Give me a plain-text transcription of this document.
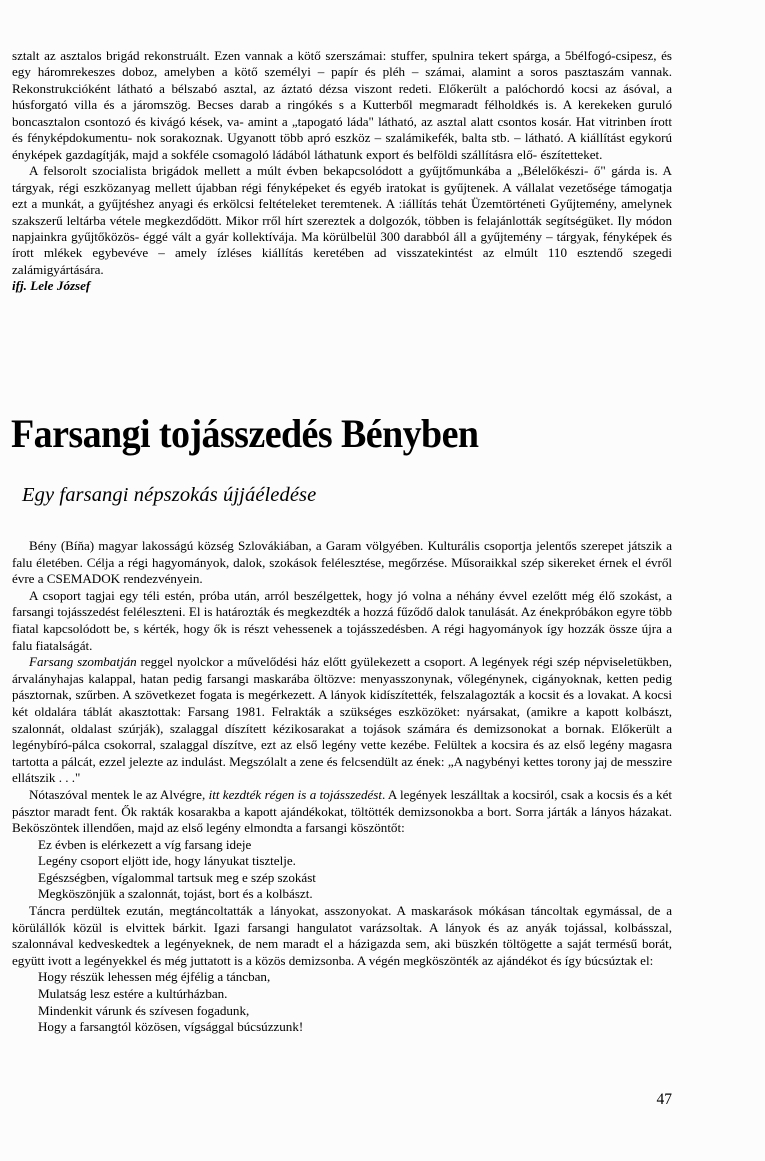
sztalt az asztalos brigád rekonstruált. Ezen vannak a kötő szerszámai: stuffer, spulnira tekert spárga, a 5bélfogó-csipesz, és egy háromrekeszes doboz, amelyben a kötő személyi – papír és pléh – számai, alamint a soros pasztaszám vannak. Rekonstrukcióként látható a bélszabó asztal, az áztató dézsa viszont redeti. Előkerült a palóchordó kocsi az ásóval, a húsforgató villa és a járomszög. Becses darab a ringókés s a Kutterből megmaradt félholdkés is. A kerekeken guruló boncasztalon csontozó és kivágó kések, va- amint a „tapogató láda" látható, az asztal alatt csontos kosár. Hat vitrinben írott és fényképdokumentu- nok sorakoznak. Ugyanott több apró eszköz – szalámikefék, balta stb. – látható. A kiállítást egykorú ényképek gazdagítják, majd a sokféle csomagoló ládából láthatunk export és belföldi szállításra elő- észítetteket.

A felsorolt szocialista brigádok mellett a múlt évben bekapcsolódott a gyűjtőmunkába a „Bélelőkészi- ő" gárda is. A tárgyak, régi eszközanyag mellett újabban régi fényképeket és egyéb iratokat is gyűjtenek. A vállalat vezetősége támogatja ezt a munkát, a gyűjtéshez anyagi és erkölcsi feltételeket teremtenek. A :iállítás tehát Üzemtörténeti Gyűjtemény, amelynek szakszerű leltárba vétele megkezdődött. Mikor rről hírt szereztek a dolgozók, többen is felajánlották segítségüket. Ily módon napjainkra gyűjtőközös- éggé vált a gyár kollektívája. Ma körülbelül 300 darabból áll a gyűjtemény – tárgyak, fényképek és írott mlékek egybevéve – amely ízléses kiállítás keretében ad visszatekintést az elmúlt 110 esztendő szegedi zalámigyártására.

ifj. Lele József

Farsangi tojásszedés Bényben
Egy farsangi népszokás újjáéledése

Bény (Bíňa) magyar lakosságú község Szlovákiában, a Garam völgyében. Kulturális csoportja jelentős szerepet játszik a falu életében. Célja a régi hagyományok, dalok, szokások felélesztése, megőrzése. Műsoraikkal szép sikereket érnek el évről évre a CSEMADOK rendezvényein.

A csoport tagjai egy téli estén, próba után, arról beszélgettek, hogy jó volna a néhány évvel ezelőtt még élő szokást, a farsangi tojásszedést feléleszteni. El is határozták és megkezdték a hozzá fűződő dalok tanulását. Az énekpróbákon egyre több fiatal kapcsolódott be, s kérték, hogy ők is részt vehessenek a tojásszedésben. A régi hagyományok így hozzák össze újra a falu fiatalságát.

Farsang szombatján reggel nyolckor a művelődési ház előtt gyülekezett a csoport. A legények régi szép népviseletükben, árvalányhajas kalappal, hatan pedig farsangi maskarába öltözve: menyasszonynak, vőlegénynek, cigányoknak, ketten pedig pásztornak, szűrben. A szövetkezet fogata is megérkezett. A lányok kidíszítették, felszalagozták a kocsit és a lovakat. A kocsi két oldalára táblát akasztottak: Farsang 1981. Felrakták a szükséges eszközöket: nyársakat, (amikre a kapott kolbászt, szalonnát, oldalast szúrják), szalaggal díszített kézikosarakat a tojások számára és demizsonokat a bornak. Előkerült a legénybíró-pálca csokorral, szalaggal díszítve, ezt az első legény vette kezébe. Felültek a kocsira és az első legény magasra tartotta a pálcát, ezzel jelezte az indulást. Megszólalt a zene és felcsendült az ének: „A nagybényi kettes torony jaj de messzire ellátszik . . ."

Nótaszóval mentek le az Alvégre, itt kezdték régen is a tojásszedést. A legények leszálltak a kocsiról, csak a kocsis és a két pásztor maradt fent. Ők rakták kosarakba a kapott ajándékokat, töltötték demizsonokba a bort. Sorra járták a lányos házakat. Beköszöntek illendően, majd az első legény elmondta a farsangi köszöntőt:

Ez évben is elérkezett a víg farsang ideje
Legény csoport eljött ide, hogy lányukat tisztelje.
Egészségben, vígalommal tartsuk meg e szép szokást
Megköszönjük a szalonnát, tojást, bort és a kolbászt.

Táncra perdültek ezután, megtáncoltatták a lányokat, asszonyokat. A maskarások mókásan táncoltak egymással, de a körülállók közül is elvittek bárkit. Igazi farsangi hangulatot varázsoltak. A lányok és az anyák tojással, kolbásszal, szalonnával kedveskedtek a legényeknek, de nem maradt el a házigazda sem, aki büszkén töltögette a saját termésű borát, együtt ivott a legényekkel és még juttatott is a közös demizsonba. A végén megköszönték az ajándékot és így búcsúztak el:

Hogy részük lehessen még éjfélig a táncban,
Mulatság lesz estére a kultúrházban.
Mindenkit várunk és szívesen fogadunk,
Hogy a farsangtól közösen, vígsággal búcsúzzunk!
47
